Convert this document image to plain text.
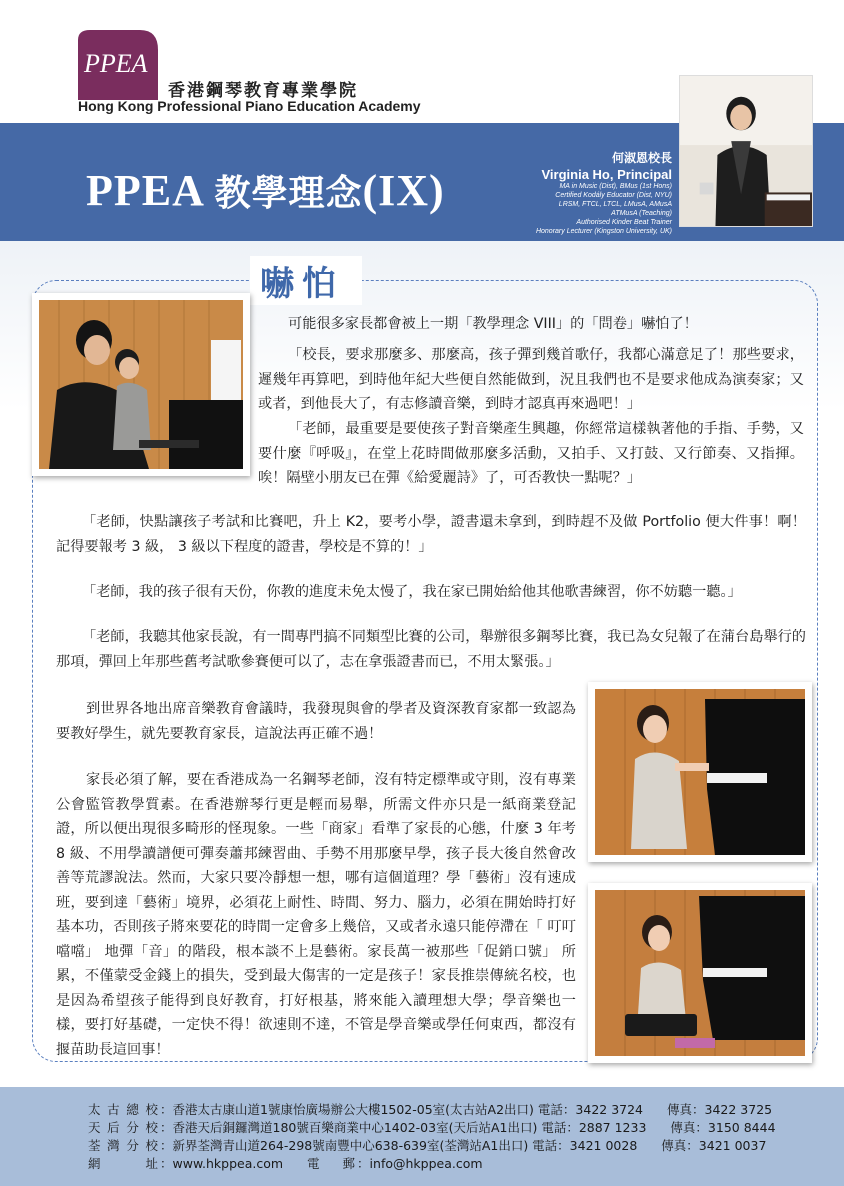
PPEA
香港鋼琴教育專業學院
Hong Kong Professional Piano Education Academy
PPEA 教學理念(IX)
何淑恩校長
Virginia Ho, Principal
MA in Music (Dist), BMus (1st Hons)
Certified Kodály Educator (Dist, NYU)
LRSM, FTCL, LTCL, LMusA, AMusA
ATMusA (Teaching)
Authorised Kinder Beat Trainer
Honorary Lecturer (Kingston University, UK)
嚇怕
可能很多家長都會被上一期「教學理念 VIII」的「問卷」嚇怕了！
「校長，要求那麼多、那麼高，孩子彈到幾首歌仔，我都心滿意足了！那些要求，遲幾年再算吧，到時他年紀大些便自然能做到，況且我們也不是要求他成為演奏家；又或者，到他長大了，有志修讀音樂，到時才認真再來過吧！」
「老師，最重要是要使孩子對音樂產生興趣，你經常這樣執著他的手指、手勢，又要什麼『呼吸』，在堂上花時間做那麼多活動，又拍手、又打鼓、又行節奏、又指揮。唉！隔壁小朋友已在彈《給愛麗詩》了，可否教快一點呢？」
「老師，快點讓孩子考試和比賽吧，升上 K2，要考小學，證書還未拿到，到時趕不及做 Portfolio 便大件事！啊！記得要報考 3 級， 3 級以下程度的證書，學校是不算的！」
「老師，我的孩子很有天份，你教的進度未免太慢了，我在家已開始給他其他歌書練習，你不妨聽一聽。」
「老師，我聽其他家長說，有一間專門搞不同類型比賽的公司，舉辦很多鋼琴比賽，我已為女兒報了在蒲台島舉行的那項，彈回上年那些舊考試歌參賽便可以了，志在拿張證書而已，不用太緊張。」
到世界各地出席音樂教育會議時，我發現與會的學者及資深教育家都一致認為要教好學生，就先要教育家長，這說法再正確不過！
家長必須了解，要在香港成為一名鋼琴老師，沒有特定標準或守則，沒有專業公會監管教學質素。在香港辦琴行更是輕而易舉，所需文件亦只是一紙商業登記證，所以便出現很多畸形的怪現象。一些「商家」看準了家長的心態，什麼 3 年考 8 級、不用學讀譜便可彈奏蕭邦練習曲、手勢不用那麼早學，孩子長大後自然會改善等荒謬說法。然而，大家只要冷靜想一想，哪有這個道理？學「藝術」沒有速成班，要到達「藝術」境界，必須花上耐性、時間、努力、腦力，必須在開始時打好基本功，否則孩子將來要花的時間一定會多上幾倍，又或者永遠只能停滯在「 叮叮噹噹」 地彈「音」的階段，根本談不上是藝術。家長萬一被那些「促銷口號」 所累，不僅蒙受金錢上的損失，受到最大傷害的一定是孩子！家長推崇傳統名校，也是因為希望孩子能得到良好教育，打好根基，將來能入讀理想大學；學音樂也一樣，要打好基礎，一定快不得！欲速則不達，不管是學音樂或學任何東西，都沒有揠苗助長這回事！
太古總校 ：香港太古康山道1號康怡廣場辦公大樓1502-05室(太古站A2出口) 電話：3422 3724 傳真：3422 3725
天后分校 ：香港天后銅鑼灣道180號百樂商業中心1402-03室(天后站A1出口) 電話：2887 1233 傳真：3150 8444
荃灣分校 ：新界荃灣青山道264-298號南豐中心638-639室(荃灣站A1出口) 電話：3421 0028 傳真：3421 0037
網址 ：www.hkppea.com 電郵 ：info@hkppea.com
